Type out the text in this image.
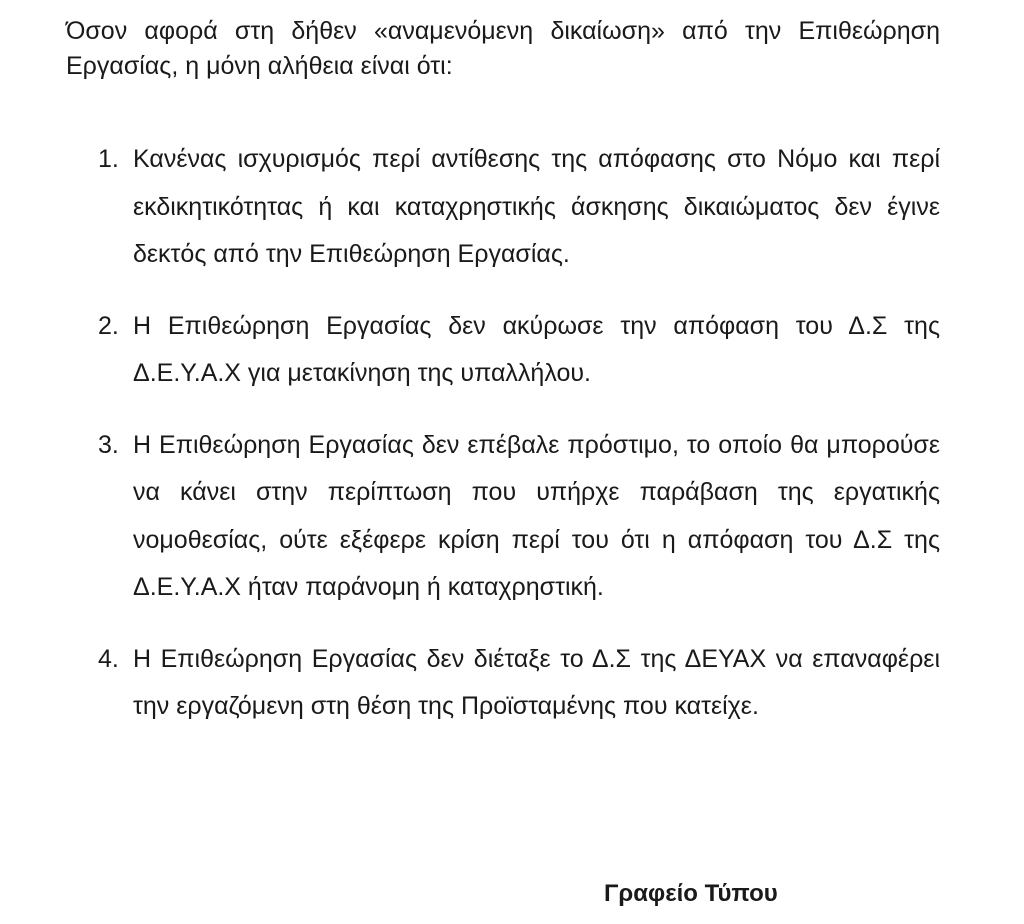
Όσον αφορά στη δήθεν «αναμενόμενη δικαίωση» από την Επιθεώρηση Εργασίας, η μόνη αλήθεια είναι ότι:

1. Κανένας ισχυρισμός περί αντίθεσης της απόφασης στο Νόμο και περί εκδικητικότητας ή και καταχρηστικής άσκησης δικαιώματος δεν έγινε δεκτός από την Επιθεώρηση Εργασίας.
2. Η Επιθεώρηση Εργασίας δεν ακύρωσε την απόφαση του Δ.Σ της Δ.Ε.Υ.Α.Χ για μετακίνηση της υπαλλήλου.
3. Η Επιθεώρηση Εργασίας δεν επέβαλε πρόστιμο, το οποίο θα μπορούσε να κάνει στην περίπτωση που υπήρχε παράβαση της εργατικής νομοθεσίας, ούτε εξέφερε κρίση περί του ότι η απόφαση του Δ.Σ της Δ.Ε.Υ.Α.Χ ήταν παράνομη ή καταχρηστική.
4. Η Επιθεώρηση Εργασίας δεν διέταξε το Δ.Σ της ΔΕΥΑΧ να επαναφέρει την εργαζόμενη στη θέση της Προϊσταμένης που κατείχε.

Γραφείο Τύπου
